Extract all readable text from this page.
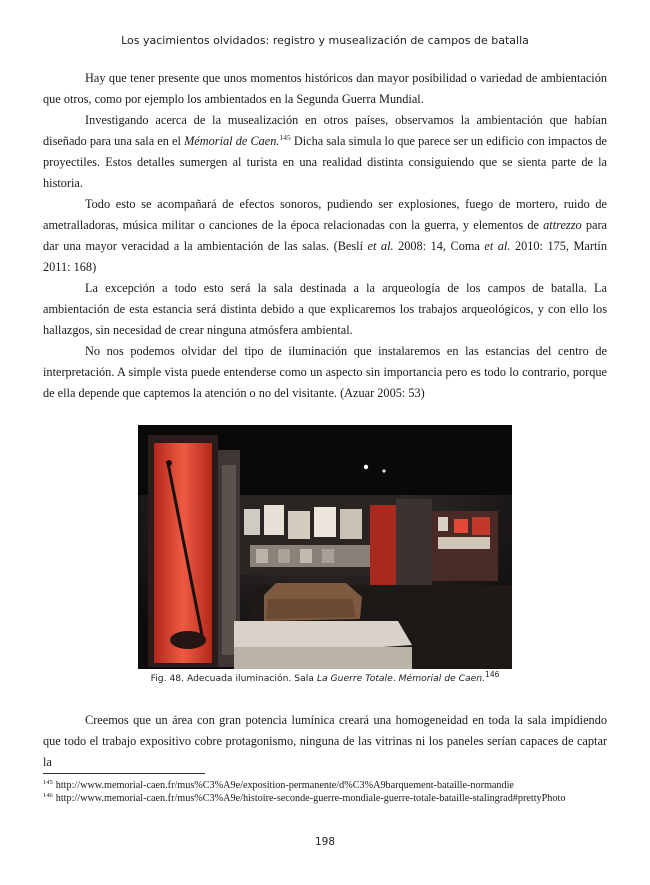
Los yacimientos olvidados: registro y musealización de campos de batalla

Hay que tener presente que unos momentos históricos dan mayor posibilidad o variedad de ambientación que otros, como por ejemplo los ambientados en la Segunda Guerra Mundial.

Investigando acerca de la musealización en otros países, observamos la ambientación que habían diseñado para una sala en el Mémorial de Caen.$^{145}$ Dicha sala simula lo que parece ser un edificio con impactos de proyectiles. Estos detalles sumergen al turista en una realidad distinta consiguiendo que se sienta parte de la historia.

Todo esto se acompañará de efectos sonoros, pudiendo ser explosiones, fuego de mortero, ruido de ametralladoras, música militar o canciones de la época relacionadas con la guerra, y elementos de attrezzo para dar una mayor veracidad a la ambientación de las salas. (Beslí et al. 2008: 14, Coma et al. 2010: 175, Martín 2011: 168)

La excepción a todo esto será la sala destinada a la arqueología de los campos de batalla. La ambientación de esta estancia será distinta debido a que explicaremos los trabajos arqueológicos, y con ello los hallazgos, sin necesidad de crear ninguna atmósfera ambiental.

No nos podemos olvidar del tipo de iluminación que instalaremos en las estancias del centro de interpretación. A simple vista puede entenderse como un aspecto sin importancia pero es todo lo contrario, porque de ella depende que captemos la atención o no del visitante. (Azuar 2005: 53)

Fig. 48. Adecuada iluminación. Sala La Guerre Totale. Mémorial de Caen.$^{146}$

Creemos que un área con gran potencia lumínica creará una homogeneidad en toda la sala impidiendo que todo el trabajo expositivo cobre protagonismo, ninguna de las vitrinas ni los paneles serían capaces de captar la

$^{145}$ http://www.memorial-caen.fr/mus%C3%A9e/exposition-permanente/d%C3%A9barquement-bataille-normandie
$^{146}$ http://www.memorial-caen.fr/mus%C3%A9e/histoire-seconde-guerre-mondiale-guerre-totale-bataille-stalingrad#prettyPhoto
198
